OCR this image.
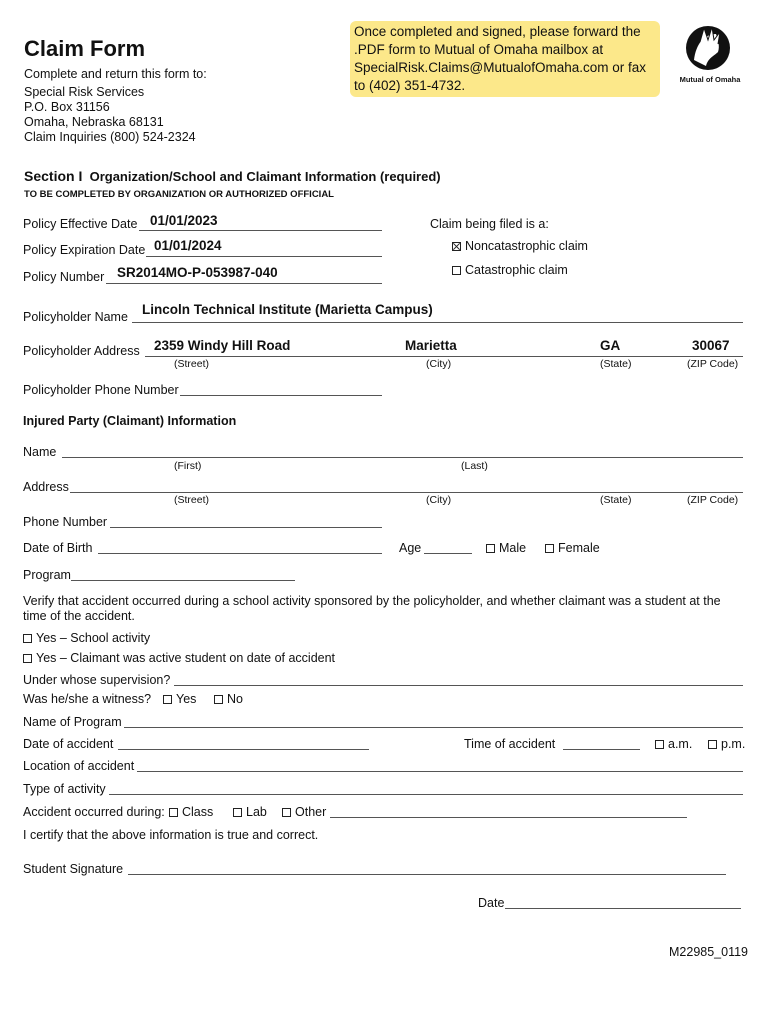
Claim Form
Complete and return this form to:
Special Risk Services
P.O. Box 31156
Omaha, Nebraska 68131
Claim Inquiries (800) 524-2324
Once completed and signed, please forward the .PDF form to Mutual of Omaha mailbox at SpecialRisk.Claims@MutualofOmaha.com or fax to (402) 351-4732.	Mutual of Omaha
Section I Organization/School and Claimant Information (required)
TO BE COMPLETED BY ORGANIZATION OR AUTHORIZED OFFICIAL
Policy Effective Date 01/01/2023
Policy Expiration Date 01/01/2024
Policy Number SR2014MO-P-053987-040
Claim being filed is a:
Noncatastrophic claim
Catastrophic claim
Policyholder Name Lincoln Technical Institute (Marietta Campus)
Policyholder Address 2359 Windy Hill Road	Marietta	GA	30067
(Street)	(City)	(State)	(ZIP Code)
Policyholder Phone Number
Injured Party (Claimant) Information
Name
(First)	(Last)
Address
(Street)	(City)	(State)	(ZIP Code)
Phone Number
Date of Birth	Age	Male	Female
Program
Verify that accident occurred during a school activity sponsored by the policyholder, and whether claimant was a student at the time of the accident.
Yes – School activity
Yes – Claimant was active student on date of accident
Under whose supervision?
Was he/she a witness?	Yes	No
Name of Program
Date of accident	Time of accident	a.m.	p.m.
Location of accident
Type of activity
Accident occurred during:	Class	Lab	Other
I certify that the above information is true and correct.
Student Signature
Date
M22985_0119
